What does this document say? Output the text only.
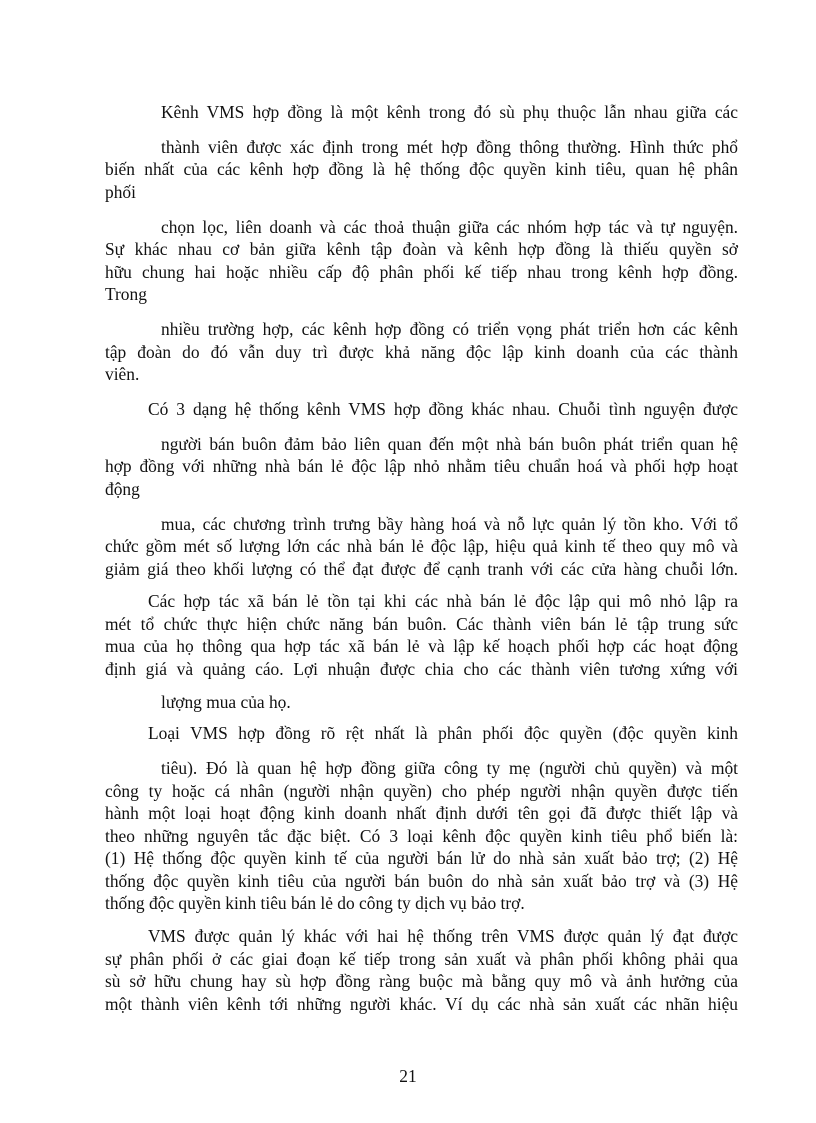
Kênh VMS hợp đồng là một kênh trong đó sù phụ thuộc lẫn nhau giữa các
thành viên được xác định trong mét hợp đồng thông thường. Hình thức phổ
biến nhất của các kênh hợp đồng là hệ thống độc quyền kinh tiêu, quan hệ phân
phối
chọn lọc, liên doanh và các thoả thuận giữa các nhóm hợp tác và tự nguyện.
Sự khác nhau cơ bản giữa kênh tập đoàn và kênh hợp đồng là thiếu quyền sở
hữu chung hai hoặc nhiều cấp độ phân phối kế tiếp nhau trong kênh hợp đồng.
Trong
nhiều trường hợp, các kênh hợp đồng có triển vọng phát triển hơn các kênh
tập đoàn do đó vẫn duy trì được khả năng độc lập kinh doanh của các thành
viên.
Có 3 dạng hệ thống kênh VMS hợp đồng khác nhau. Chuỗi tình nguyện được
người bán buôn đảm bảo liên quan đến một nhà bán buôn phát triển quan hệ
hợp đồng với những nhà bán lẻ độc lập nhỏ nhằm tiêu chuẩn hoá và phối hợp hoạt
động
mua, các chương trình trưng bầy hàng hoá và nỗ lực quản lý tồn kho. Với tổ
chức gồm mét số lượng lớn các nhà bán lẻ độc lập, hiệu quả kinh tế theo quy mô và
giảm giá theo khối lượng có thể đạt được để cạnh tranh với các cửa hàng chuỗi lớn.
Các hợp tác xã bán lẻ tồn tại khi các nhà bán lẻ độc lập qui mô nhỏ lập ra
mét tổ chức thực hiện chức năng bán buôn. Các thành viên bán lẻ tập trung sức
mua của họ thông qua hợp tác xã bán lẻ và lập kế hoạch phối hợp các hoạt động
định giá và quảng cáo. Lợi nhuận được chia cho các thành viên tương xứng với
lượng mua của họ.
Loại VMS hợp đồng rõ rệt nhất là phân phối độc quyền (độc quyền kinh
tiêu). Đó là quan hệ hợp đồng giữa công ty mẹ (người chủ quyền) và một
công ty hoặc cá nhân (người nhận quyền) cho phép người nhận quyền được tiến
hành một loại hoạt động kinh doanh nhất định dưới tên gọi đã được thiết lập và
theo những nguyên tắc đặc biệt. Có 3 loại kênh độc quyền kinh tiêu phổ biến là:
(1) Hệ thống độc quyền kinh tế của người bán lử do nhà sản xuất bảo trợ; (2) Hệ
thống độc quyền kinh tiêu của người bán buôn do nhà sản xuất bảo trợ và (3) Hệ
thống độc quyền kinh tiêu bán lẻ do công ty dịch vụ bảo trợ.
VMS được quản lý khác với hai hệ thống trên VMS được quản lý đạt được
sự phân phối ở các giai đoạn kế tiếp trong sản xuất và phân phối không phải qua
sù sở hữu chung hay sù hợp đồng ràng buộc mà bằng quy mô và ảnh hưởng của
một thành viên kênh tới những người khác. Ví dụ các nhà sản xuất các nhãn hiệu
21
